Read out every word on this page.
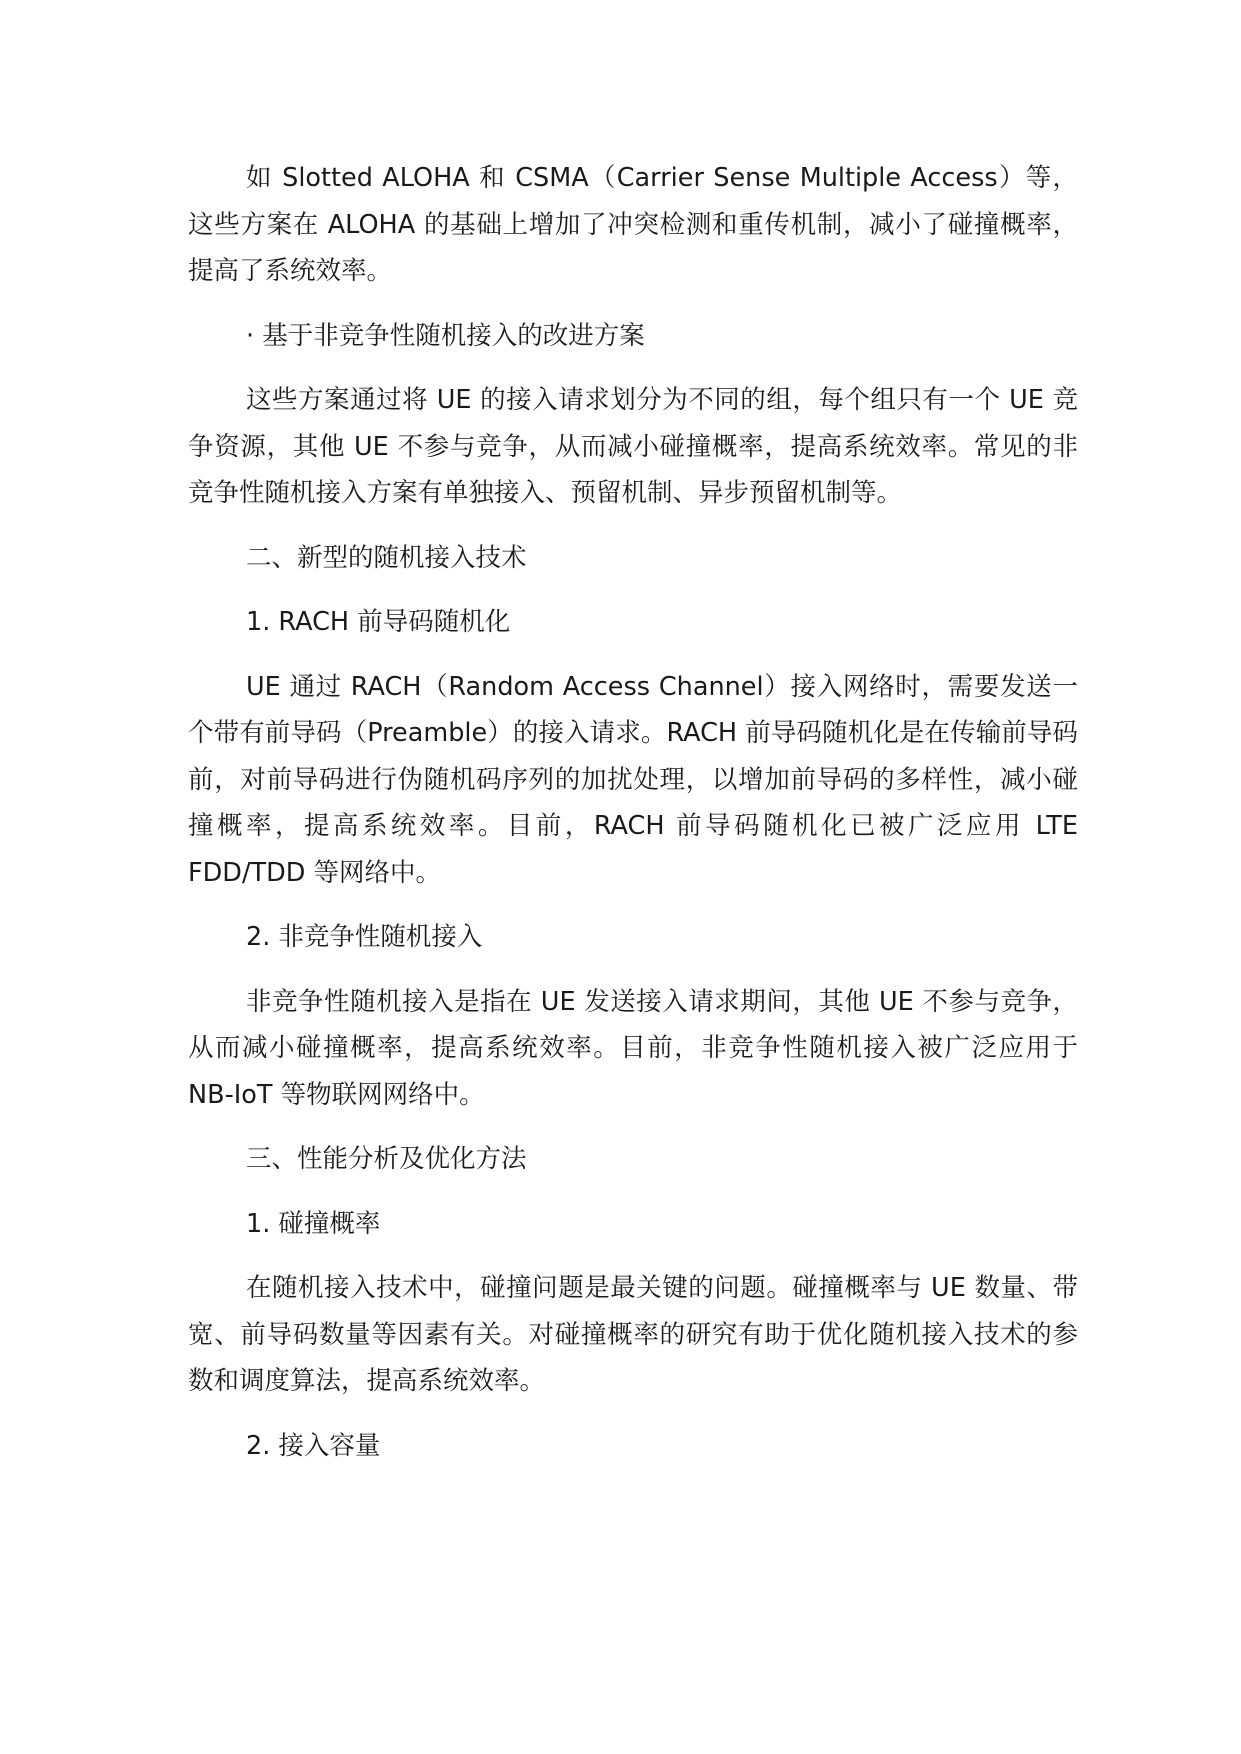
如 Slotted ALOHA 和 CSMA（Carrier Sense Multiple Access）等，这些方案在 ALOHA 的基础上增加了冲突检测和重传机制，减小了碰撞概率，提高了系统效率。

· 基于非竞争性随机接入的改进方案

这些方案通过将 UE 的接入请求划分为不同的组，每个组只有一个 UE 竞争资源，其他 UE 不参与竞争，从而减小碰撞概率，提高系统效率。常见的非竞争性随机接入方案有单独接入、预留机制、异步预留机制等。

二、新型的随机接入技术

1. RACH 前导码随机化

UE 通过 RACH（Random Access Channel）接入网络时，需要发送一个带有前导码（Preamble）的接入请求。RACH 前导码随机化是在传输前导码前，对前导码进行伪随机码序列的加扰处理，以增加前导码的多样性，减小碰撞概率，提高系统效率。目前，RACH 前导码随机化已被广泛应用 LTE FDD/TDD 等网络中。

2. 非竞争性随机接入

非竞争性随机接入是指在 UE 发送接入请求期间，其他 UE 不参与竞争，从而减小碰撞概率，提高系统效率。目前，非竞争性随机接入被广泛应用于 NB-IoT 等物联网网络中。

三、性能分析及优化方法

1. 碰撞概率

在随机接入技术中，碰撞问题是最关键的问题。碰撞概率与 UE 数量、带宽、前导码数量等因素有关。对碰撞概率的研究有助于优化随机接入技术的参数和调度算法，提高系统效率。

2. 接入容量
